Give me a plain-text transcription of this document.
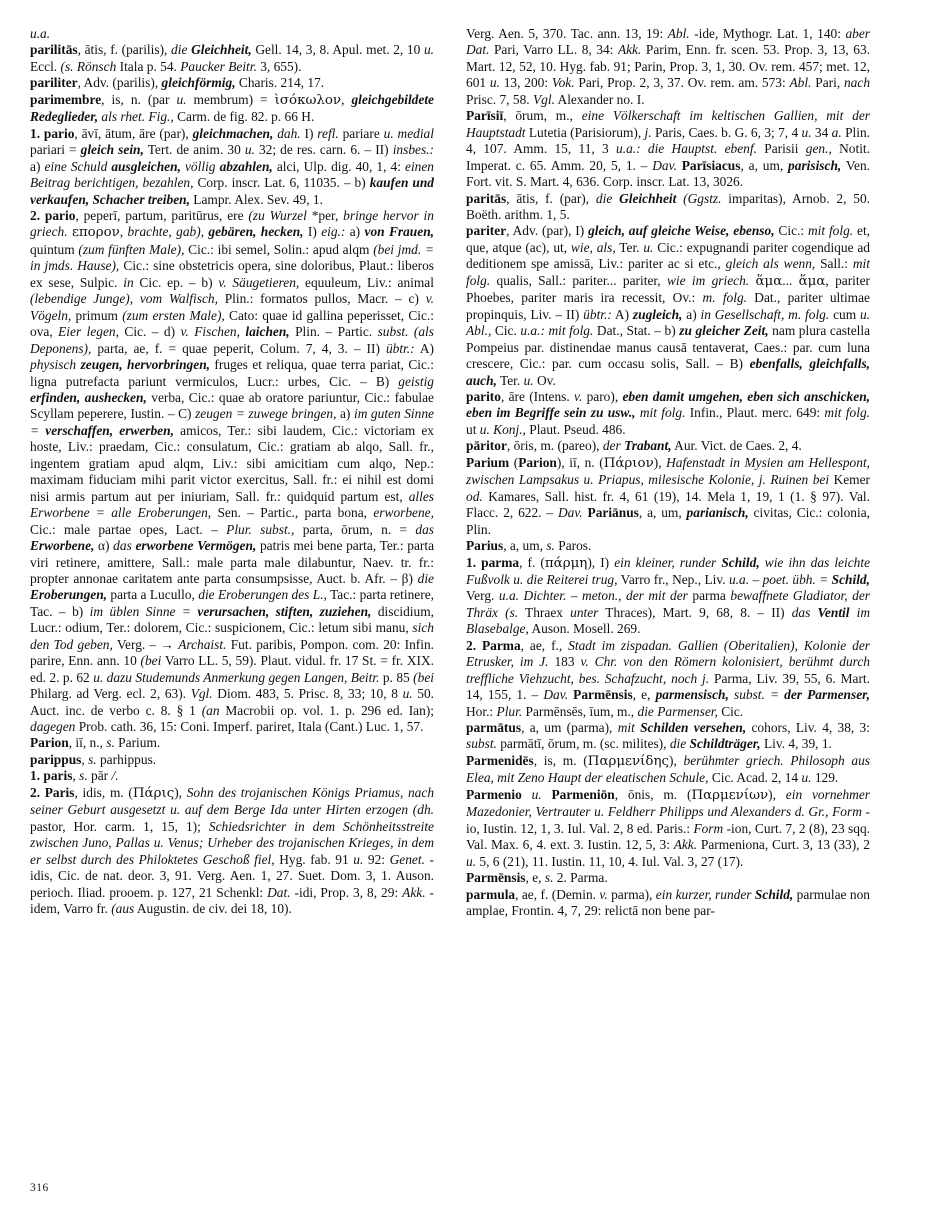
u.a.

parilitās, ātis, f. (parilis), die Gleichheit, Gell. 14, 3, 8. Apul. met. 2, 10 u. Eccl. (s. Rönsch Itala p. 54. Paucker Beitr. 3, 655).

pariliter, Adv. (parilis), gleichförmig, Charis. 214, 17.

parimembre, is, n. (par u. membrum) = ὶσόκωλον, gleichgebildete Redeglieder, als rhet. Fig., Carm. de fig. 82. p. 66 H.

1. pario, āvī, ātum, āre (par), gleichmachen, dah. I) refl. pariare u. medial pariari = gleich sein, Tert. de anim. 30 u. 32; de res. carn. 6. – II) insbes.: a) eine Schuld ausgleichen, völlig abzahlen, alci, Ulp. dig. 40, 1, 4: einen Beitrag berichtigen, bezahlen, Corp. inscr. Lat. 6, 11035. – b) kaufen und verkaufen, Schacher treiben, Lampr. Alex. Sev. 49, 1.

2. pario, peperī, partum, paritūrus, ere (zu Wurzel *per, bringe hervor in griech. επορον, brachte, gab), gebären, hecken, I) eig.: a) von Frauen, quintum (zum fünften Male), Cic.: ibi semel, Solin.: apud alqm (bei jmd. = in jmds. Hause), Cic.: sine obstetricis opera, sine doloribus, Plaut.: liberos ex sese, Sulpic. in Cic. ep. – b) v. Säugetieren, equuleum, Liv.: animal (lebendige Junge), vom Walfisch, Plin.: formatos pullos, Macr. – c) v. Vögeln, primum (zum ersten Male), Cato: quae id gallina peperisset, Cic.: ova, Eier legen, Cic. – d) v. Fischen, laichen, Plin. – Partic. subst. (als Deponens), parta, ae, f. = quae peperit, Colum. 7, 4, 3. – II) übtr.: A) physisch zeugen, hervorbringen, fruges et reliqua, quae terra pariat, Cic.: ligna putrefacta pariunt vermiculos, Lucr.: urbes, Cic. – B) geistig erfinden, aushecken, verba, Cic.: quae ab oratore pariuntur, Cic.: fabulae Scyllam peperere, Iustin. – C) zeugen = zuwege bringen, a) im guten Sinne = verschaffen, erwerben, amicos, Ter.: sibi laudem, Cic.: victoriam ex hoste, Liv.: praedam, Cic.: consulatum, Cic.: gratiam ab alqo, Sall. fr., ingentem gratiam apud alqm, Liv.: sibi amicitiam cum alqo, Nep.: maximam fiduciam mihi parit victor exercitus, Sall. fr.: ei nihil est domi nisi armis partum aut per iniuriam, Sall. fr.: quidquid partum est, alles Erworbene = alle Eroberungen, Sen. – Partic., parta bona, erworbene, Cic.: male partae opes, Lact. – Plur. subst., parta, ōrum, n. = das Erworbene, α) das erworbene Vermögen, patris mei bene parta, Ter.: parta viri retinere, amittere, Sall.: male parta male dilabuntur, Naev. tr. fr.: propter annonae caritatem ante parta consumpsisse, Auct. b. Afr. – β) die Eroberungen, parta a Lucullo, die Eroberungen des L., Tac.: parta retinere, Tac. – b) im üblen Sinne = verursachen, stiften, zuziehen, discidium, Lucr.: odium, Ter.: dolorem, Cic.: suspicionem, Cic.: letum sibi manu, sich den Tod geben, Verg. – → Archaist. Fut. paribis, Pompon. com. 20: Infin. parire, Enn. ann. 10 (bei Varro LL. 5, 59). Plaut. vidul. fr. 17 St. = fr. XIX. ed. 2. p. 62 u. dazu Studemunds Anmerkung gegen Langen, Beitr. p. 85 (bei Philarg. ad Verg. ecl. 2, 63). Vgl. Diom. 483, 5. Prisc. 8, 33; 10, 8 u. 50. Auct. inc. de verbo c. 8. § 1 (an Macrobii op. vol. 1. p. 296 ed. Ian); dagegen Prob. cath. 36, 15: Coni. Imperf. pariret, Itala (Cant.) Luc. 1, 57.

Parion, iī, n., s. Parium.

parippus, s. parhippus.

1. paris, s. pār /.

2. Paris, idis, m. (Πάρις), Sohn des trojanischen Königs Priamus, nach seiner Geburt ausgesetzt u. auf dem Berge Ida unter Hirten erzogen (dh. pastor, Hor. carm. 1, 15, 1); Schiedsrichter in dem Schönheitsstreite zwischen Juno, Pallas u. Venus; Urheber des trojanischen Krieges, in dem er selbst durch des Philoktetes Geschoß fiel, Hyg. fab. 91 u. 92: Genet. -idis, Cic. de nat. deor. 3, 91. Verg. Aen. 1, 27. Suet. Dom. 3, 1. Auson. perioch. Iliad. prooem. p. 127, 21 Schenkl: Dat. -idi, Prop. 3, 8, 29: Akk. -idem, Varro fr. (aus Augustin. de civ. dei 18, 10).

Verg. Aen. 5, 370. Tac. ann. 13, 19: Abl. -ide, Mythogr. Lat. 1, 140: aber Dat. Pari, Varro LL. 8, 34: Akk. Parim, Enn. fr. scen. 53. Prop. 3, 13, 63. Mart. 12, 52, 10. Hyg. fab. 91; Parin, Prop. 3, 1, 30. Ov. rem. 457; met. 12, 601 u. 13, 200: Vok. Pari, Prop. 2, 3, 37. Ov. rem. am. 573: Abl. Pari, nach Prisc. 7, 58. Vgl. Alexander no. I.

Parīsiī, ōrum, m., eine Völkerschaft im keltischen Gallien, mit der Hauptstadt Lutetia (Parisiorum), j. Paris, Caes. b. G. 6, 3; 7, 4 u. 34 a. Plin. 4, 107. Amm. 15, 11, 3 u.a.: die Hauptst. ebenf. Parisii gen., Notit. Imperat. c. 65. Amm. 20, 5, 1. – Dav. Parīsiacus, a, um, parisisch, Ven. Fort. vit. S. Mart. 4, 636. Corp. inscr. Lat. 13, 3026.

paritās, ātis, f. (par), die Gleichheit (Ggstz. imparitas), Arnob. 2, 50. Boëth. arithm. 1, 5.

pariter, Adv. (par), I) gleich, auf gleiche Weise, ebenso, Cic.: mit folg. et, que, atque (ac), ut, wie, als, Ter. u. Cic.: expugnandi pariter cogendique ad deditionem spe amissā, Liv.: pariter ac si etc., gleich als wenn, Sall.: mit folg. qualis, Sall.: pariter... pariter, wie im griech. ἅμα... ἅμα, pariter Phoebes, pariter maris ira recessit, Ov.: m. folg. Dat., pariter ultimae propinquis, Liv. – II) übtr.: A) zugleich, a) in Gesellschaft, m. folg. cum u. Abl., Cic. u.a.: mit folg. Dat., Stat. – b) zu gleicher Zeit, nam plura castella Pompeius par. distinendae manus causā tentaverat, Caes.: par. cum luna crescere, Cic.: par. cum occasu solis, Sall. – B) ebenfalls, gleichfalls, auch, Ter. u. Ov.

parito, āre (Intens. v. paro), eben damit umgehen, eben sich anschicken, eben im Begriffe sein zu usw., mit folg. Infin., Plaut. merc. 649: mit folg. ut u. Konj., Plaut. Pseud. 486.

pāritor, ōris, m. (pareo), der Trabant, Aur. Vict. de Caes. 2, 4.

Parium (Parion), iī, n. (Πάριον), Hafenstadt in Mysien am Hellespont, zwischen Lampsakus u. Priapus, milesische Kolonie, j. Ruinen bei Kemer od. Kamares, Sall. hist. fr. 4, 61 (19), 14. Mela 1, 19, 1 (1. § 97). Val. Flacc. 2, 622. – Dav. Pariānus, a, um, parianisch, civitas, Cic.: colonia, Plin.

Parius, a, um, s. Paros.

1. parma, f. (πάρμη), I) ein kleiner, runder Schild, wie ihn das leichte Fußvolk u. die Reiterei trug, Varro fr., Nep., Liv. u.a. – poet. übh. = Schild, Verg. u.a. Dichter. – meton., der mit der parma bewaffnete Gladiator, der Thräx (s. Thraex unter Thraces), Mart. 9, 68, 8. – II) das Ventil im Blasebalge, Auson. Mosell. 269.

2. Parma, ae, f., Stadt im zispadan. Gallien (Oberitalien), Kolonie der Etrusker, im J. 183 v. Chr. von den Römern kolonisiert, berühmt durch treffliche Viehzucht, bes. Schafzucht, noch j. Parma, Liv. 39, 55, 6. Mart. 14, 155, 1. – Dav. Parmēnsis, e, parmensisch, subst. = der Parmenser, Hor.: Plur. Parmēnsēs, īum, m., die Parmenser, Cic.

parmātus, a, um (parma), mit Schilden versehen, cohors, Liv. 4, 38, 3: subst. parmātī, ōrum, m. (sc. milites), die Schildträger, Liv. 4, 39, 1.

Parmenidēs, is, m. (Παρμενίδης), berühmter griech. Philosoph aus Elea, mit Zeno Haupt der eleatischen Schule, Cic. Acad. 2, 14 u. 129.

Parmenio u. Parmeniōn, ōnis, m. (Παρμενίων), ein vornehmer Mazedonier, Vertrauter u. Feldherr Philipps und Alexanders d. Gr., Form -io, Iustin. 12, 1, 3. Iul. Val. 2, 8 ed. Paris.: Form -ion, Curt. 7, 2 (8), 23 sqq. Val. Max. 6, 4. ext. 3. Iustin. 12, 5, 3: Akk. Parmeniona, Curt. 3, 13 (33), 2 u. 5, 6 (21), 11. Iustin. 11, 10, 4. Iul. Val. 3, 27 (17).

Parmēnsis, e, s. 2. Parma.

parmula, ae, f. (Demin. v. parma), ein kurzer, runder Schild, parmulae non amplae, Frontin. 4, 7, 29: relictā non bene par-

316
